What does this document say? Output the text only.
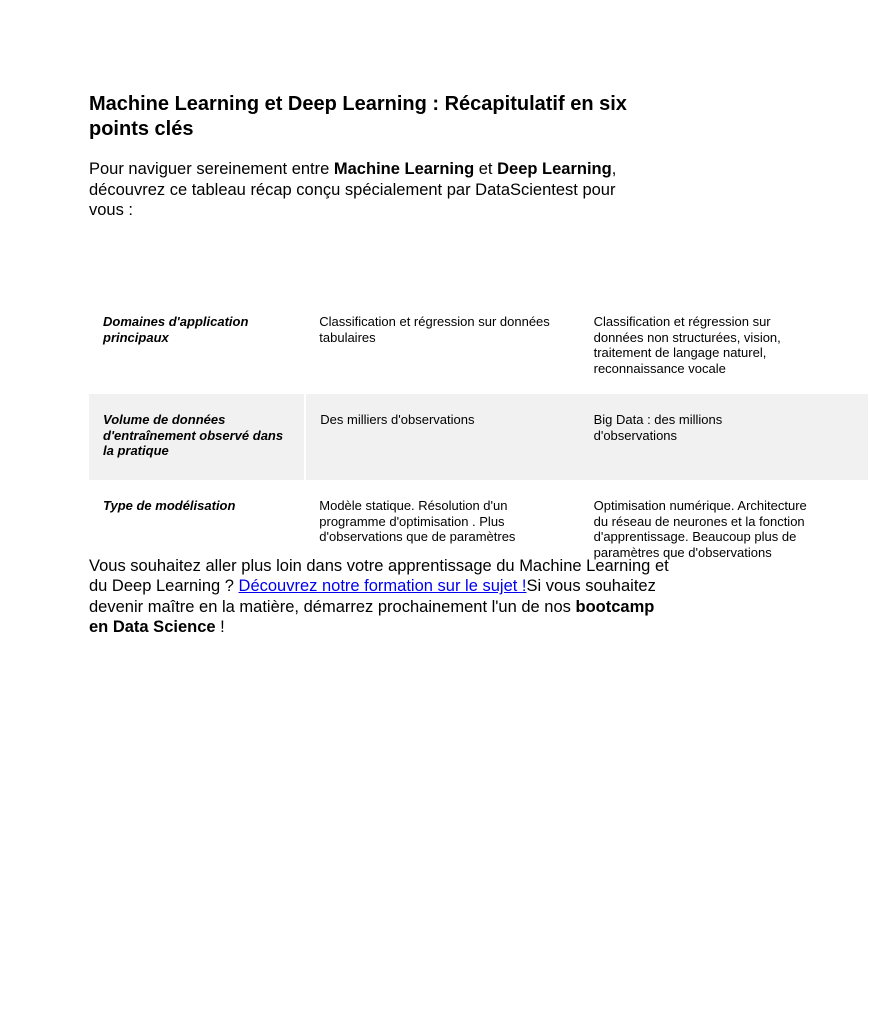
Machine Learning et Deep Learning : Récapitulatif en six points clés

Pour naviguer sereinement entre Machine Learning et Deep Learning, découvrez ce tableau récap conçu spécialement par DataScientest pour vous :

Domaines d'application principaux	Classification et régression sur données tabulaires	Classification et régression sur
données non structurées, vision,
traitement de langage naturel,
reconnaissance vocale
Volume de données d'entraînement observé dans la pratique	Des milliers d'observations	Big Data : des millions
d'observations
Type de modélisation	Modèle statique. Résolution d'un programme d'optimisation . Plus d'observations que de paramètres	Optimisation numérique. Architecture
du réseau de neurones et la fonction
d'apprentissage. Beaucoup plus de
paramètres que d'observations

Vous souhaitez aller plus loin dans votre apprentissage du Machine Learning et du Deep Learning ? Découvrez notre formation sur le sujet !Si vous souhaitez devenir maître en la matière, démarrez prochainement l'un de nos bootcamp en Data Science !
